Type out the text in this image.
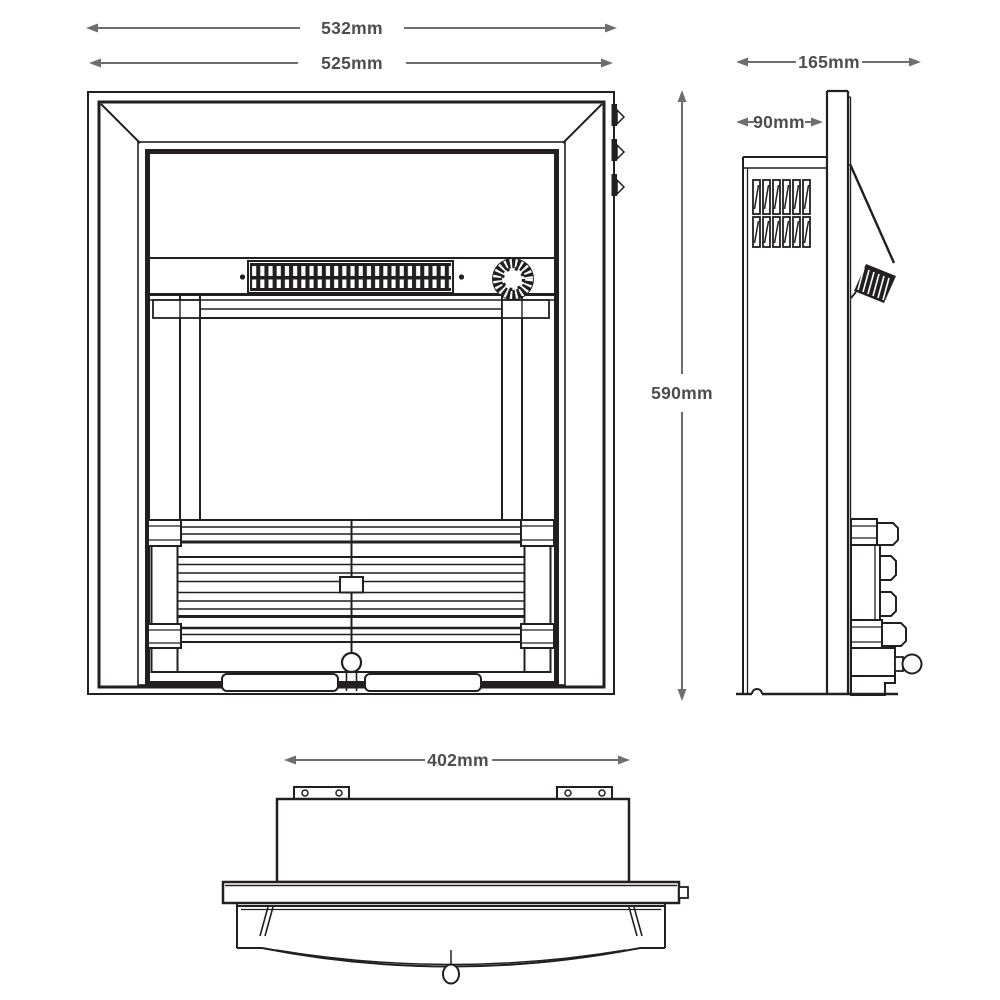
532mm
525mm	165mm
90mm
590mm
402mm
